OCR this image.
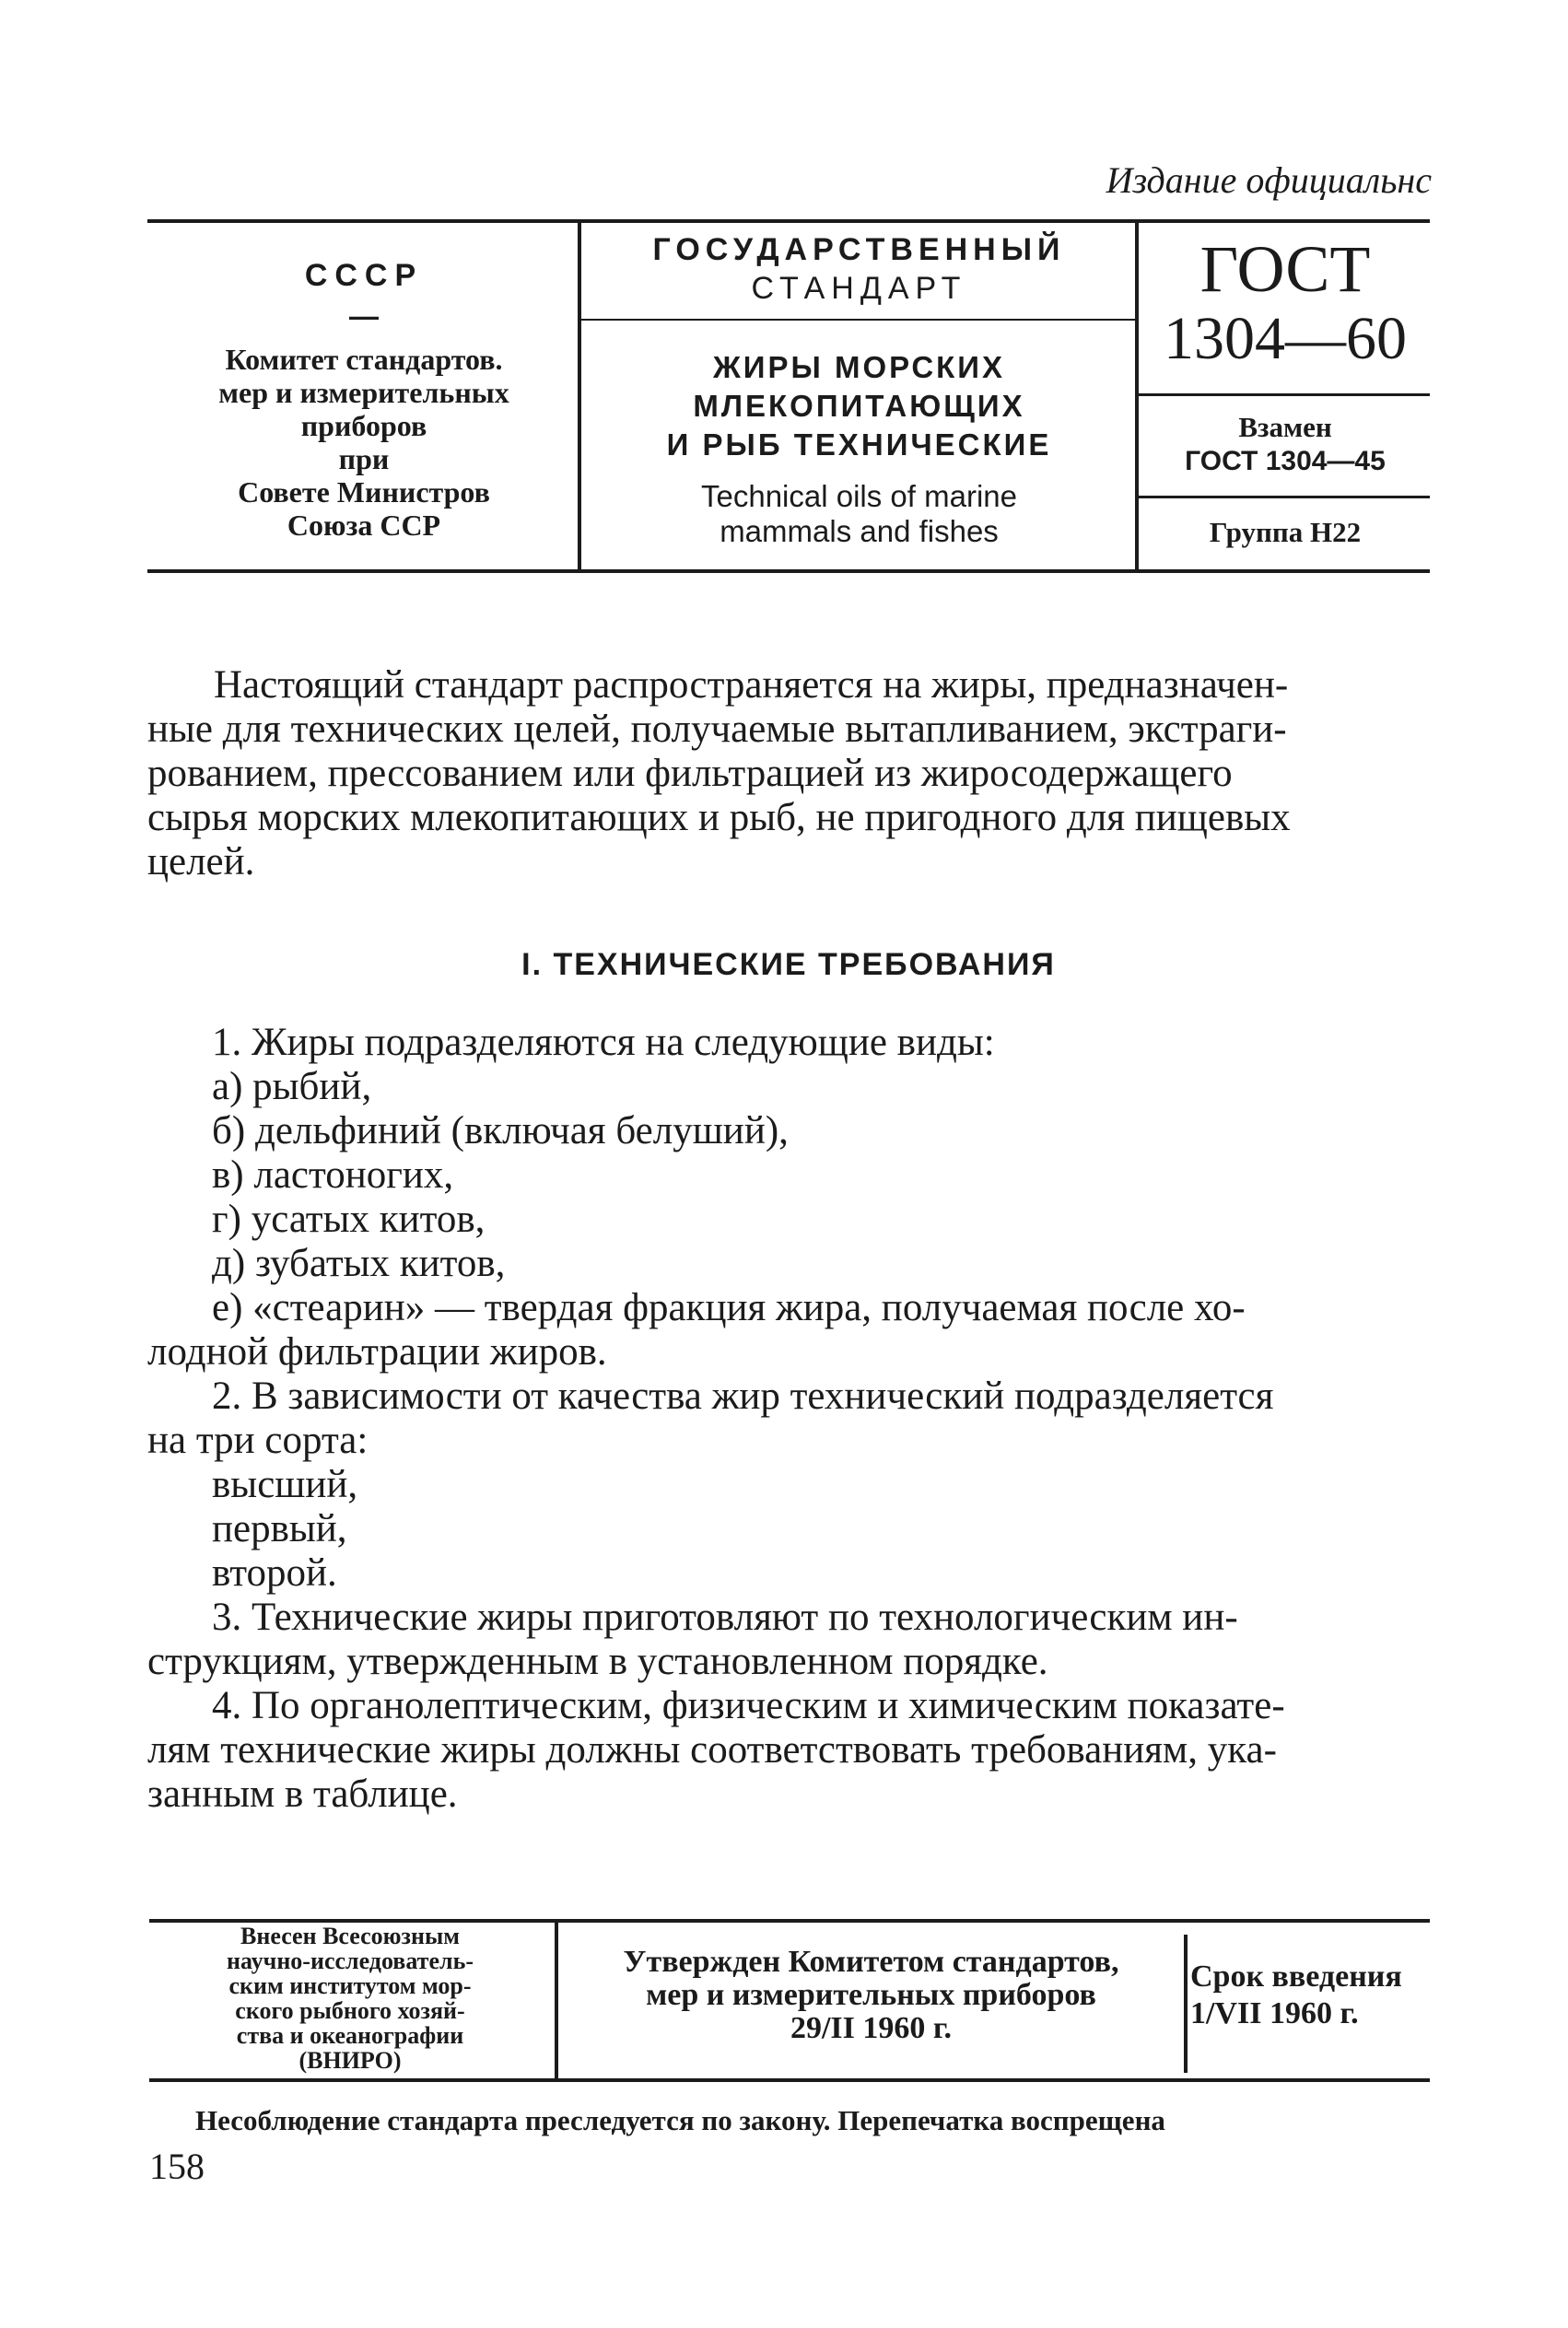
Издание официальнс
СССР
—
Комитет стандартов.
мер и измерительных
приборов
при
Совете Министров
Союза ССР
ГОСУДАРСТВЕННЫЙ
СТАНДАРТ
ЖИРЫ МОРСКИХ
МЛЕКОПИТАЮЩИХ
И РЫБ ТЕХНИЧЕСКИЕ
Technical oils of marine
mammals and fishes
ГОСТ
1304—60
Взамен
ГОСТ 1304—45
Группа Н22
Настоящий стандарт распространяется на жиры, предназначен-
ные для технических целей, получаемые вытапливанием, экстраги-
рованием, прессованием или фильтрацией из жиросодержащего
сырья морских млекопитающих и рыб, не пригодного для пищевых
целей.
I. ТЕХНИЧЕСКИЕ ТРЕБОВАНИЯ
1. Жиры подразделяются на следующие виды:
а) рыбий,
б) дельфиний (включая белуший),
в) ластоногих,
г) усатых китов,
д) зубатых китов,
е) «стеарин» — твердая фракция жира, получаемая после хо-
лодной фильтрации жиров.
2. В зависимости от качества жир технический подразделяется
на три сорта:
высший,
первый,
второй.
3. Технические жиры приготовляют по технологическим ин-
струкциям, утвержденным в установленном порядке.
4. По органолептическим, физическим и химическим показате-
лям технические жиры должны соответствовать требованиям, ука-
занным в таблице.
Внесен Всесоюзным
научно-исследователь-
ским институтом мор-
ского рыбного хозяй-
ства и океанографии
(ВНИРО)
Утвержден Комитетом стандартов,
мер и измерительных приборов
29/II 1960 г.
Срок введения
1/VII 1960 г.
Несоблюдение стандарта преследуется по закону. Перепечатка воспрещена
158
